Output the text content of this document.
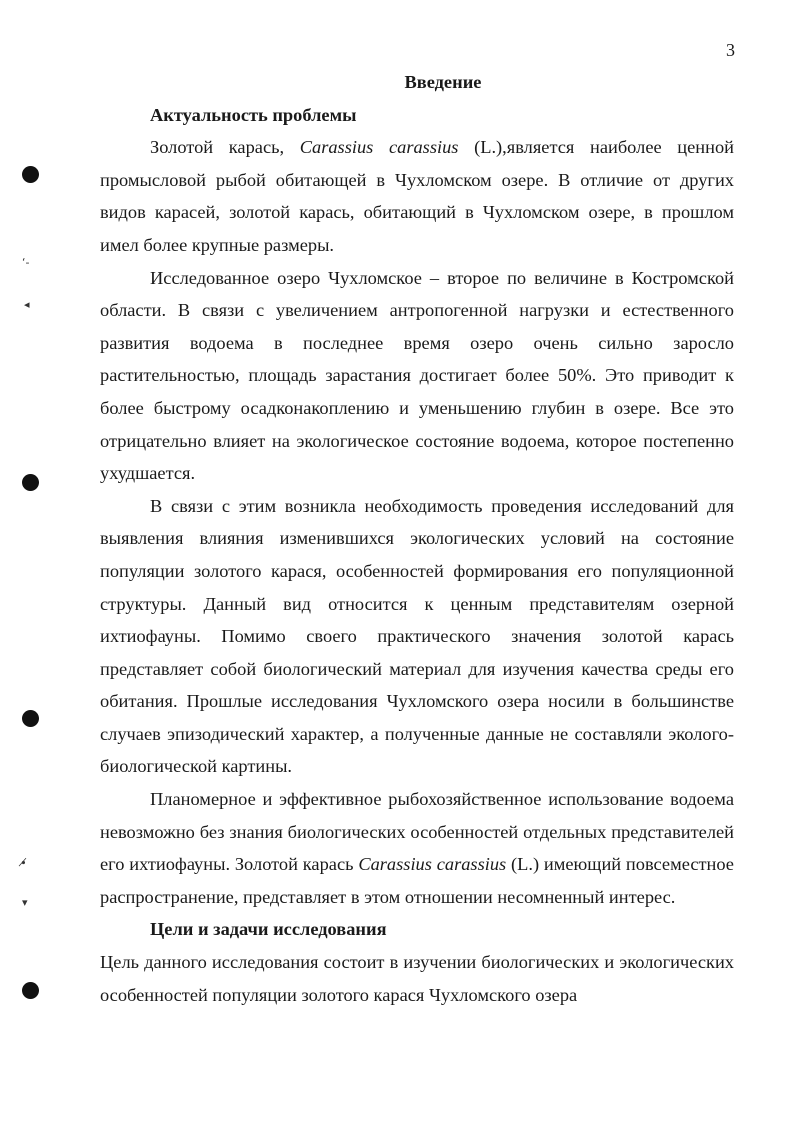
3
‘-
◂
∙̸
▾
Введение
Актуальность проблемы

Золотой карась, Carassius carassius (L.),является наиболее ценной промысловой рыбой обитающей в Чухломском озере. В отличие от других видов карасей, золотой карась, обитающий в Чухломском озере, в прошлом имел более крупные размеры.

Исследованное озеро Чухломское – второе по величине в Костромской области. В связи с увеличением антропогенной нагрузки и естественного развития водоема в последнее время озеро очень сильно заросло растительностью, площадь зарастания достигает более 50%. Это приводит к более быстрому осадконакоплению и уменьшению глубин в озере. Все это отрицательно влияет на экологическое состояние водоема, которое постепенно ухудшается.

В связи с этим возникла необходимость проведения исследований для выявления влияния изменившихся экологических условий на состояние популяции золотого карася, особенностей формирования его популяционной структуры. Данный вид относится к ценным представителям озерной ихтиофауны. Помимо своего практического значения золотой карась представляет собой биологический материал для изучения качества среды его обитания. Прошлые исследования Чухломского озера носили в большинстве случаев эпизодический характер, а полученные данные не составляли эколого-биологической картины.

Планомерное и эффективное рыбохозяйственное использование водоема невозможно без знания биологических особенностей отдельных представителей его ихтиофауны. Золотой карась Carassius carassius (L.) имеющий повсеместное распространение, представляет в этом отношении несомненный интерес.

Цели и задачи исследования

Цель данного исследования состоит в изучении биологических и экологических особенностей популяции золотого карася Чухломского озера
